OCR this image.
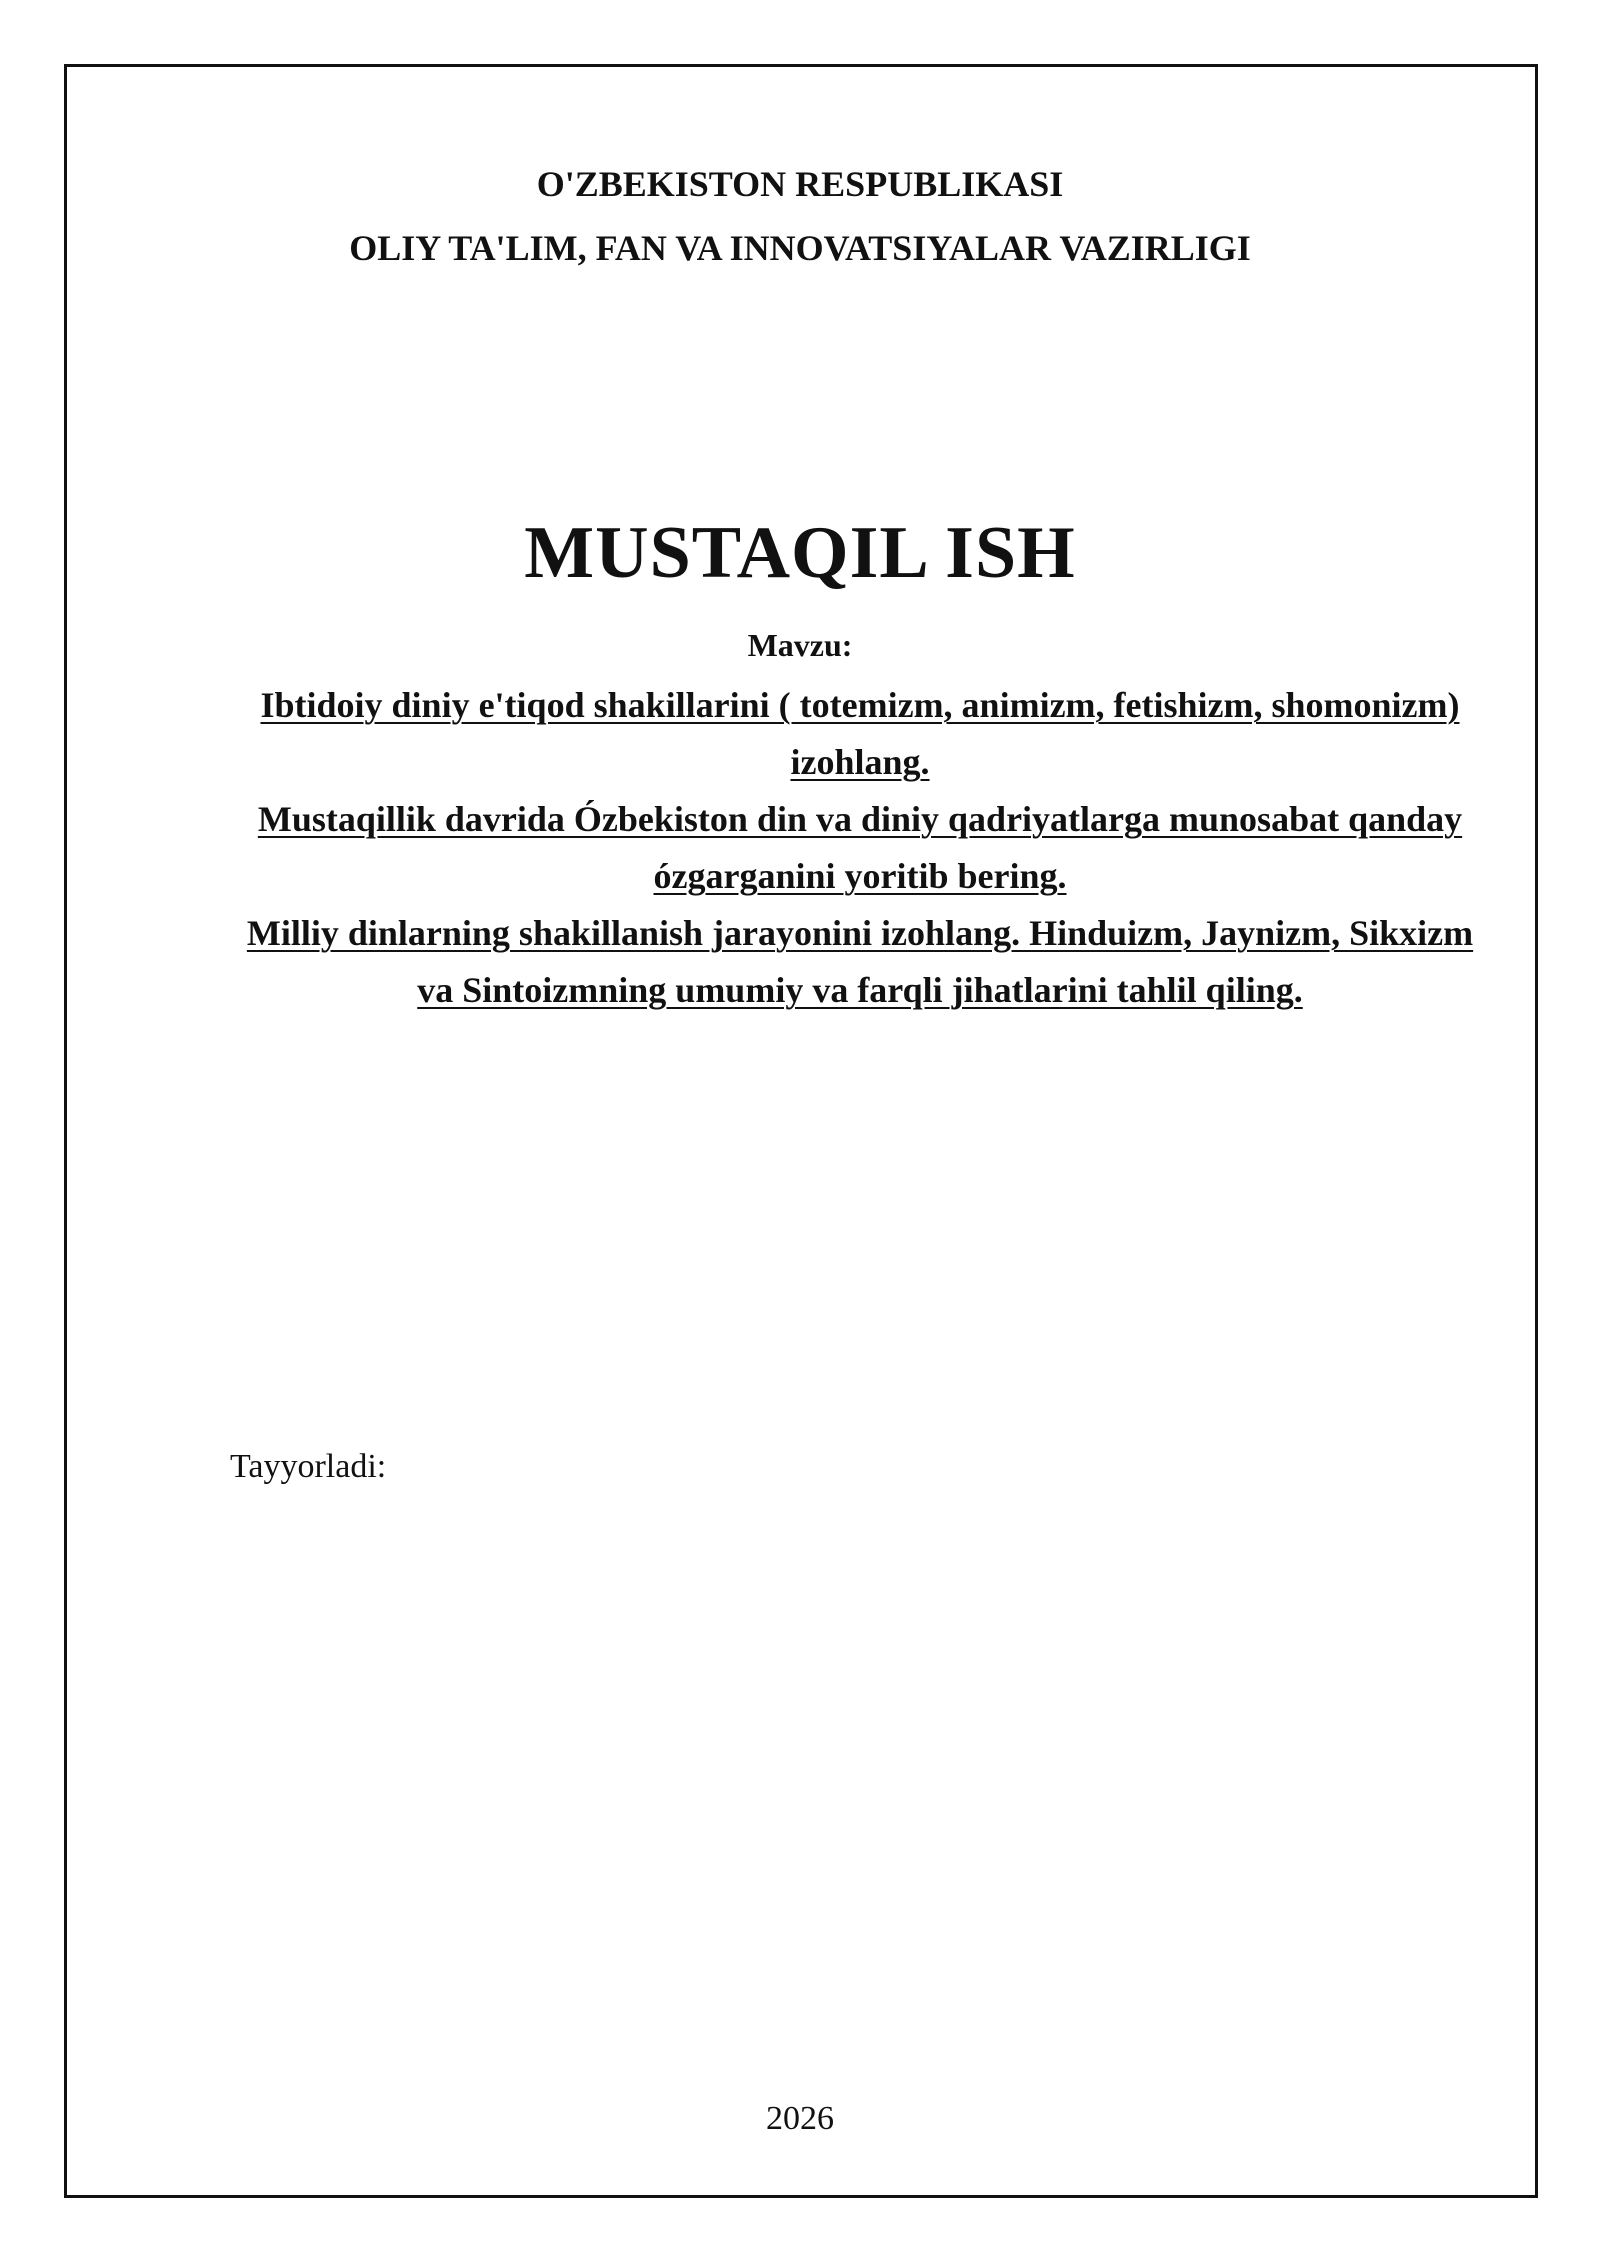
O'ZBEKISTON RESPUBLIKASI
OLIY TA'LIM, FAN VA INNOVATSIYALAR VAZIRLIGI
MUSTAQIL ISH
Mavzu:
Ibtidoiy diniy e'tiqod shakillarini ( totemizm, animizm, fetishizm, shomonizm) izohlang.
Mustaqillik davrida Ózbekiston din va diniy qadriyatlarga munosabat qanday ózgarganini yoritib bering.
Milliy dinlarning shakillanish jarayonini izohlang. Hinduizm, Jaynizm, Sikxizm va Sintoizmning umumiy va farqli jihatlarini tahlil qiling.
Tayyorladi:
2026
